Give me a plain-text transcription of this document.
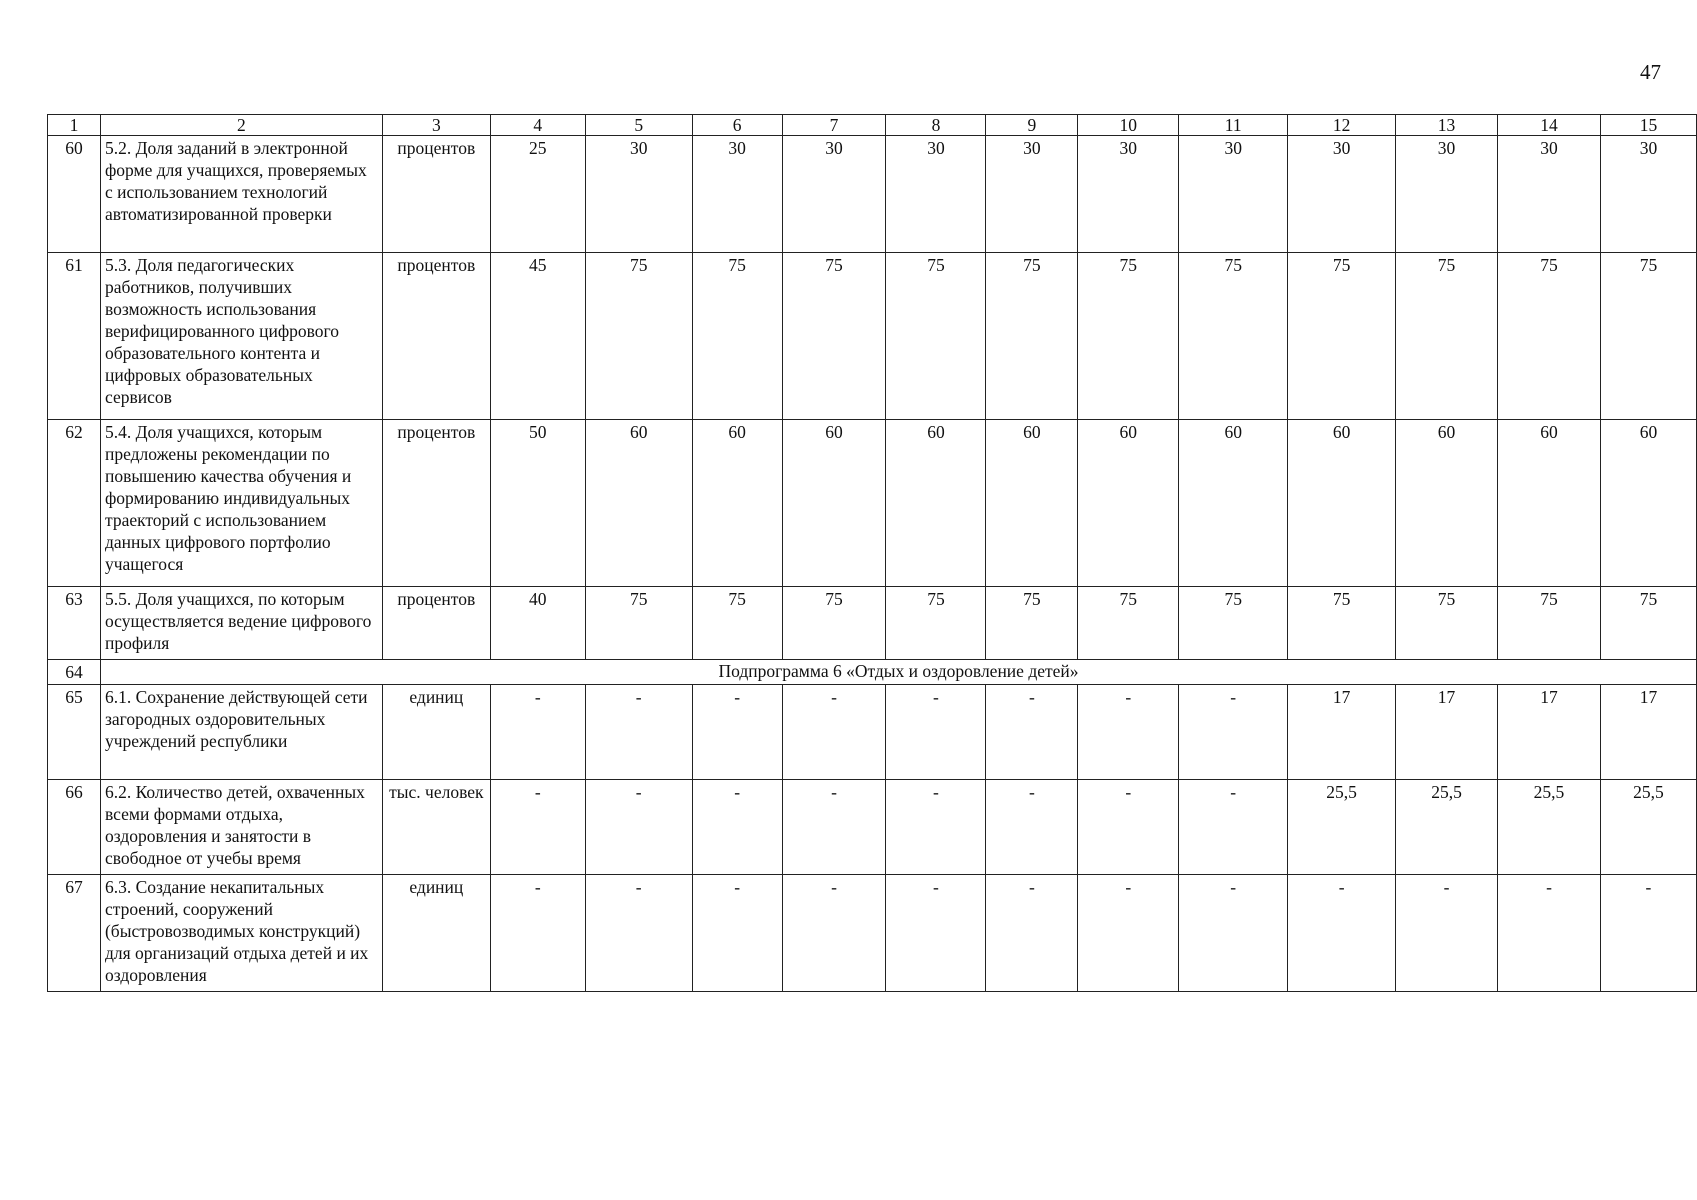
47
1	2	3	4	5	6	7	8	9	10	11	12	13	14	15
60	5.2. Доля заданий в электронной форме для учащихся, проверяемых с использованием технологий автоматизированной проверки	процентов	25	30	30	30	30	30	30	30	30	30	30	30
61	5.3. Доля педагогических работников, получивших возможность использования верифицированного цифрового образовательного контента и цифровых образовательных сервисов	процентов	45	75	75	75	75	75	75	75	75	75	75	75
62	5.4. Доля учащихся, которым предложены рекомендации по повышению качества обучения и формированию индивидуальных траекторий с использованием данных цифрового портфолио учащегося	процентов	50	60	60	60	60	60	60	60	60	60	60	60
63	5.5. Доля учащихся, по которым осуществляется ведение цифрового профиля	процентов	40	75	75	75	75	75	75	75	75	75	75	75
64	Подпрограмма 6 «Отдых и оздоровление детей»													
65	6.1. Сохранение действующей сети загородных оздоровительных учреждений республики	единиц	-	-	-	-	-	-	-	-	17	17	17	17
66	6.2. Количество детей, охваченных всеми формами отдыха, оздоровления и занятости в свободное от учебы время	тыс. человек	-	-	-	-	-	-	-	-	25,5	25,5	25,5	25,5
67	6.3. Создание некапитальных строений, сооружений (быстровозводимых конструкций) для организаций отдыха детей и их оздоровления	единиц	-	-	-	-	-	-	-	-	-	-	-	-
